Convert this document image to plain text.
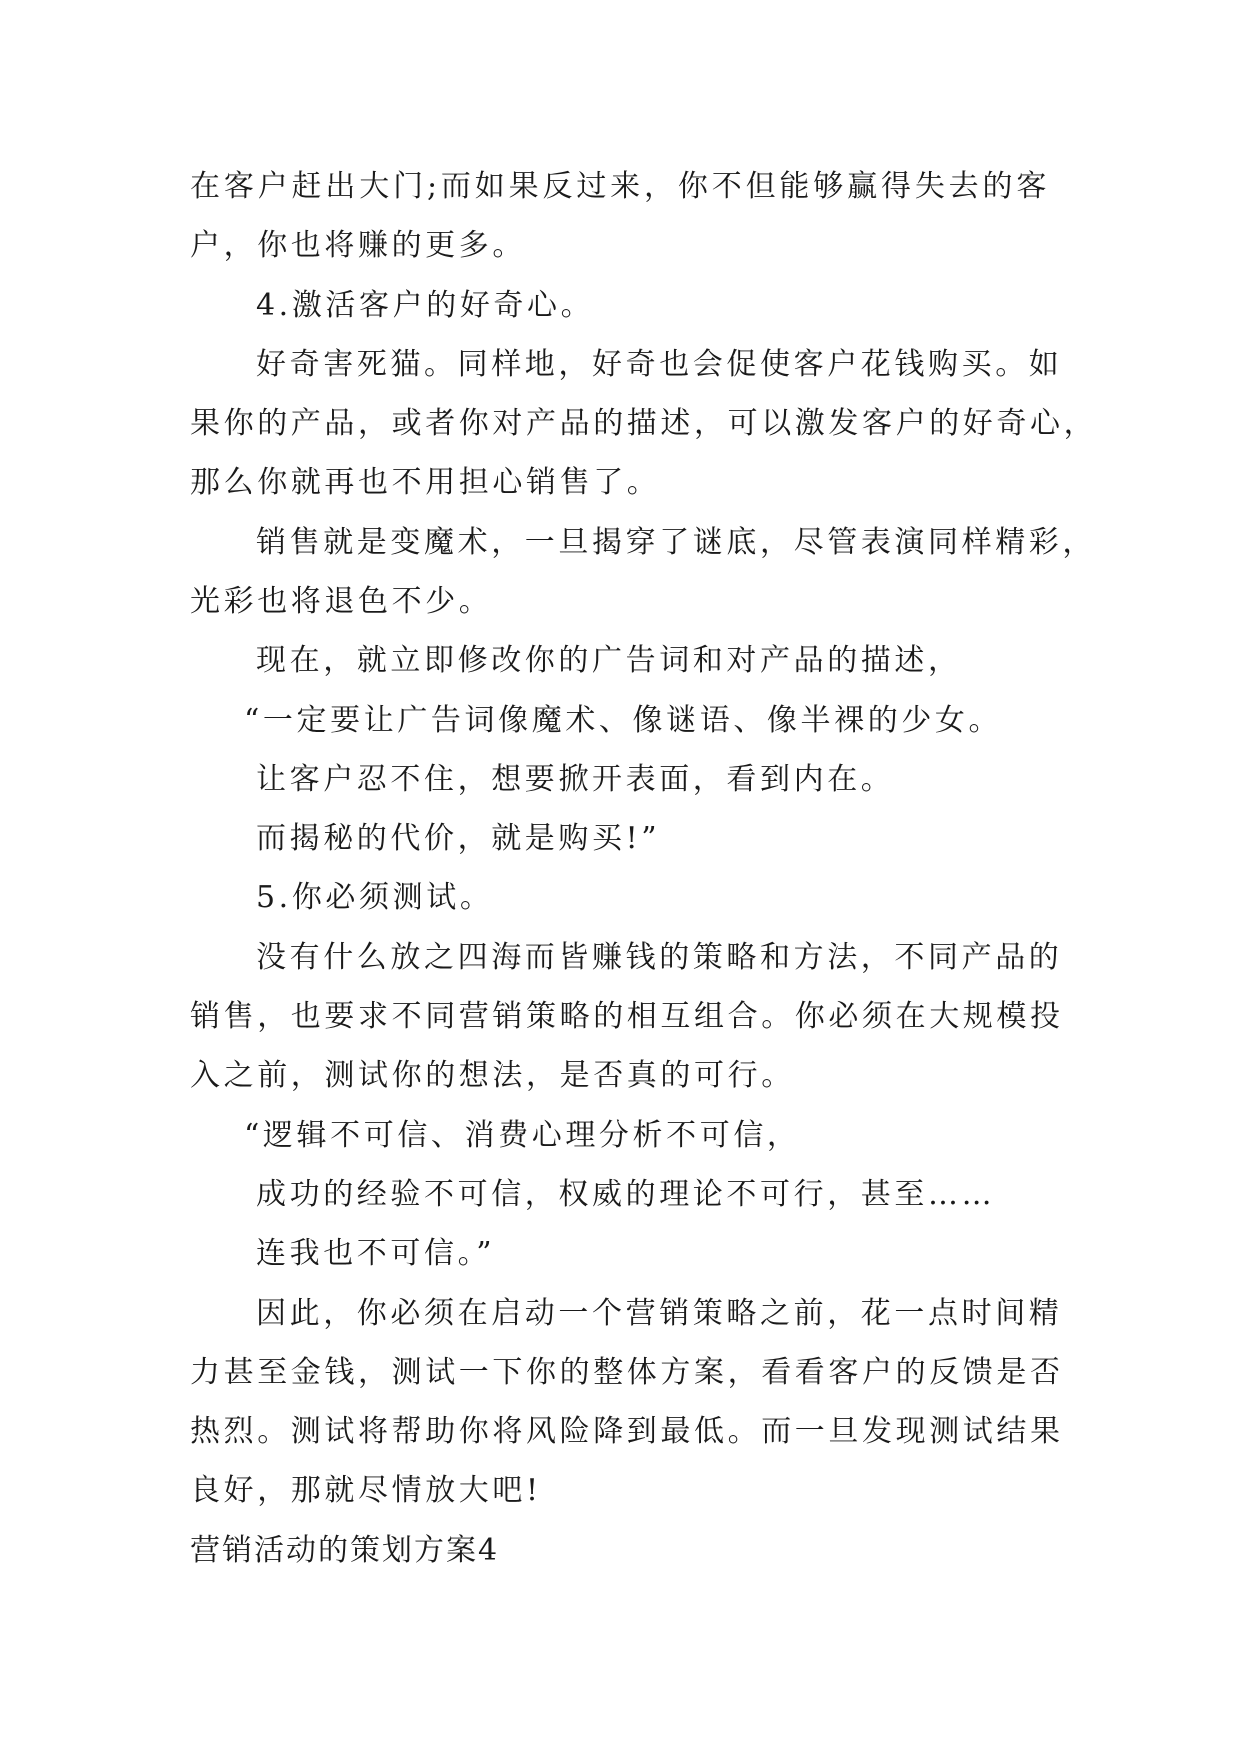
在客户赶出大门;而如果反过来，你不但能够赢得失去的客
户，你也将赚的更多。
4.激活客户的好奇心。
好奇害死猫。同样地，好奇也会促使客户花钱购买。如
果你的产品，或者你对产品的描述，可以激发客户的好奇心，
那么你就再也不用担心销售了。
销售就是变魔术，一旦揭穿了谜底，尽管表演同样精彩，
光彩也将退色不少。
现在，就立即修改你的广告词和对产品的描述，
“一定要让广告词像魔术、像谜语、像半裸的少女。
让客户忍不住，想要掀开表面，看到内在。
而揭秘的代价，就是购买!”
5.你必须测试。
没有什么放之四海而皆赚钱的策略和方法，不同产品的
销售，也要求不同营销策略的相互组合。你必须在大规模投
入之前，测试你的想法，是否真的可行。
“逻辑不可信、消费心理分析不可信，
成功的经验不可信，权威的理论不可行，甚至……
连我也不可信。”
因此，你必须在启动一个营销策略之前，花一点时间精
力甚至金钱，测试一下你的整体方案，看看客户的反馈是否
热烈。测试将帮助你将风险降到最低。而一旦发现测试结果
良好，那就尽情放大吧!
营销活动的策划方案4
